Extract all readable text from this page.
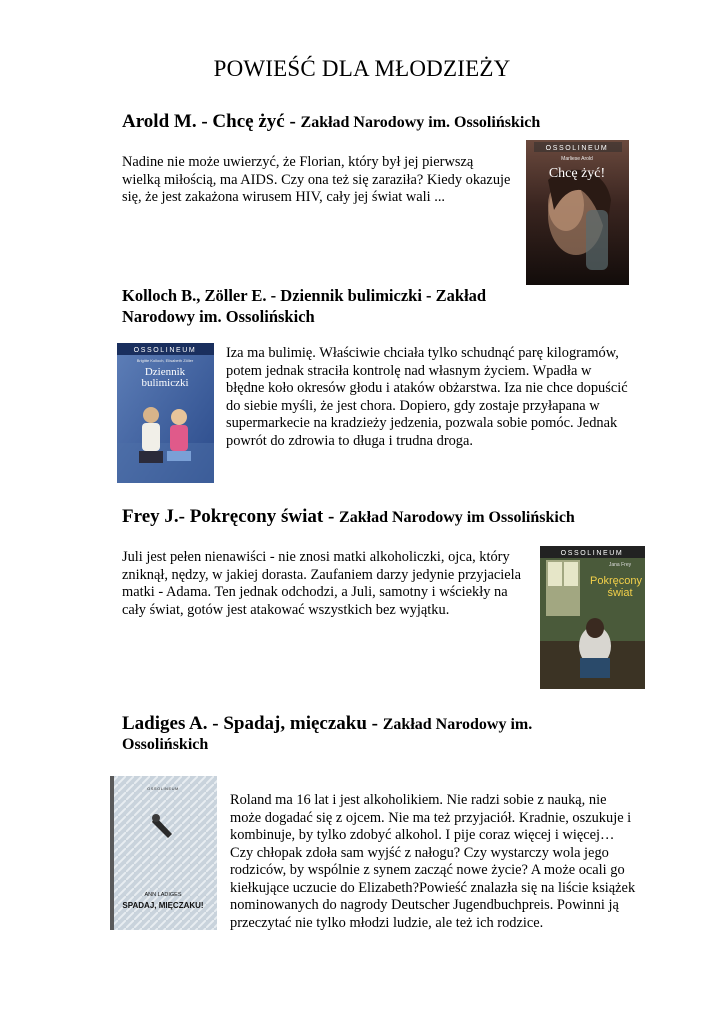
POWIEŚĆ DLA MŁODZIEŻY
Arold M. - Chcę żyć - Zakład Narodowy im. Ossolińskich
Nadine nie może uwierzyć, że Florian, który był jej pierwszą wielką miłością, ma AIDS. Czy ona też się zaraziła? Kiedy okazuje się, że jest zakażona wirusem HIV, cały jej świat wali ...
OSSOLINEUM
Marliese Arold
Chcę żyć!
Kolloch B., Zöller E. - Dziennik bulimiczki - Zakład Narodowy im. Ossolińskich
OSSOLINEUM
Brigitte Kolloch, Elisabeth Zöller
Dziennik
bulimiczki
Iza ma bulimię. Właściwie chciała tylko schudnąć parę kilogramów, potem jednak straciła kontrolę nad własnym życiem. Wpadła w błędne koło okresów głodu i ataków obżarstwa. Iza nie chce dopuścić do siebie myśli, że jest chora. Dopiero, gdy zostaje przyłapana w supermarkecie na kradzieży jedzenia, pozwala sobie pomóc. Jednak powrót do zdrowia to długa i trudna droga.
Frey J.- Pokręcony świat - Zakład Narodowy im Ossolińskich
Juli jest pełen nienawiści - nie znosi matki alkoholiczki, ojca, który zniknął, nędzy, w jakiej dorasta. Zaufaniem darzy jedynie przyjaciela matki - Adama. Ten jednak odchodzi, a Juli, samotny i wściekły na cały świat, gotów jest atakować wszystkich bez wyjątku.
OSSOLINEUM
Jana Frey
Pokręcony
świat
Ladiges A. - Spadaj, mięczaku - Zakład Narodowy im.
Ossolińskich
OSSOLINEUM
ANN LADIGES
SPADAJ, MIĘCZAKU!
Roland ma 16 lat i jest alkoholikiem. Nie radzi sobie z nauką, nie może dogadać się z ojcem. Nie ma też przyjaciół. Kradnie, oszukuje i kombinuje, by tylko zdobyć alkohol. I pije coraz więcej i więcej… Czy chłopak zdoła sam wyjść z nałogu? Czy wystarczy wola jego rodziców, by wspólnie z synem zacząć nowe życie? A może ocali go kiełkujące uczucie do Elizabeth?Powieść znalazła się na liście książek nominowanych do nagrody Deutscher Jugendbuchpreis. Powinni ją przeczytać nie tylko młodzi ludzie, ale też ich rodzice.
